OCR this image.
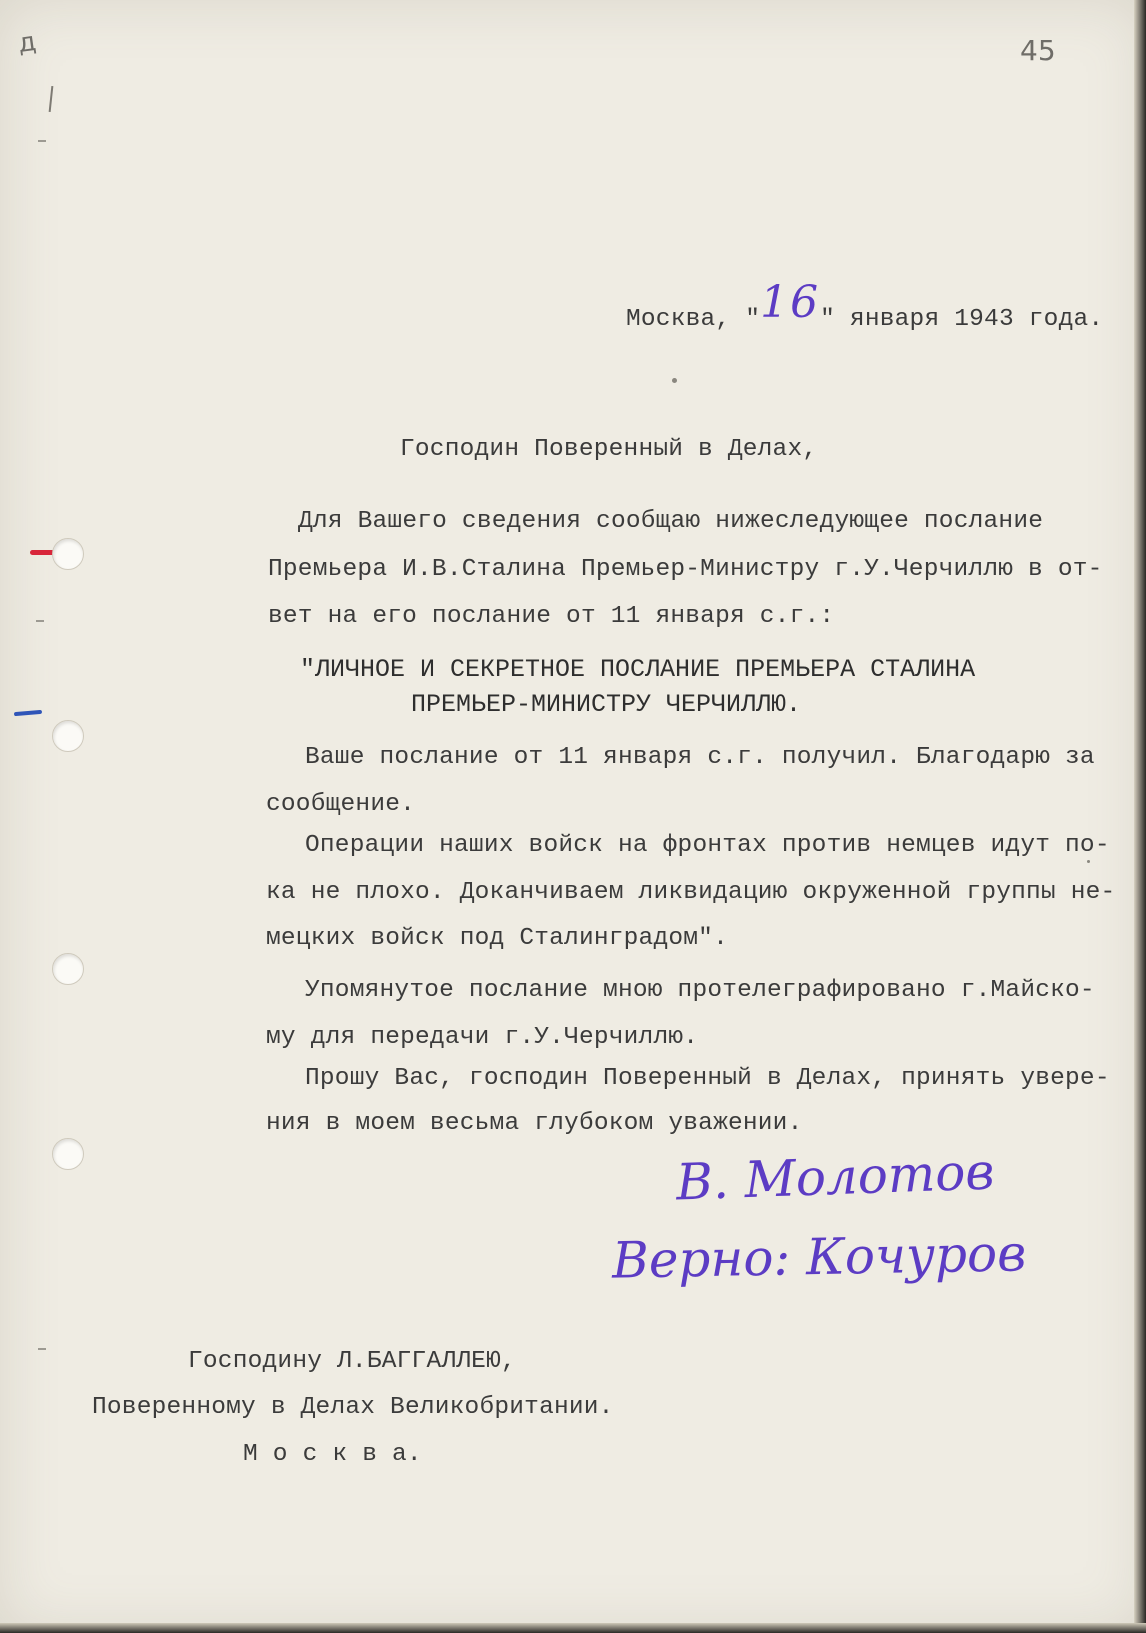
д	45
Москва, "16" января 1943 года.

Господин Поверенный в Делах,

Для Вашего сведения сообщаю нижеследующее послание

Премьера И.В.Сталина Премьер-Министру г.У.Черчиллю в от-

вет на его послание от 11 января с.г.:

"ЛИЧНОЕ И СЕКРЕТНОЕ ПОСЛАНИЕ ПРЕМЬЕРА СТАЛИНА

ПРЕМЬЕР-МИНИСТРУ ЧЕРЧИЛЛЮ.

Ваше послание от 11 января с.г. получил. Благодарю за

сообщение.

Операции наших войск на фронтах против немцев идут по-

ка не плохо. Доканчиваем ликвидацию окруженной группы не-

мецких войск под Сталинградом".

Упомянутое послание мною протелеграфировано г.Майско-

му для передачи г.У.Черчиллю.

Прошу Вас, господин Поверенный в Делах, принять увере-

ния в моем весьма глубоком уважении.

В. Молотов
Верно: Кочуров

Господину Л.БАГГАЛЛЕЮ,

Поверенному в Делах Великобритании.

М о с к в а.
